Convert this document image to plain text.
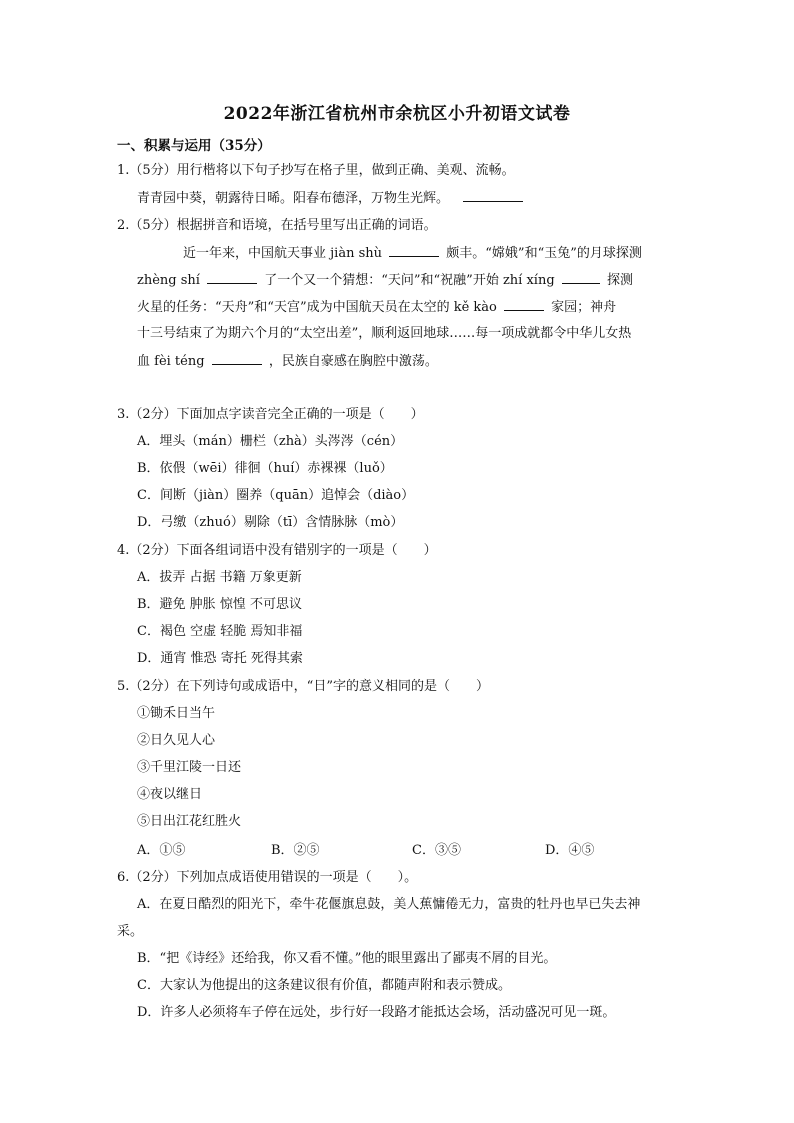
2022年浙江省杭州市余杭区小升初语文试卷
一、积累与运用（35分）
1.（5分）用行楷将以下句子抄写在格子里，做到正确、美观、流畅。
青青园中葵，朝露待日晞。阳春布德泽，万物生光辉。
2.（5分）根据拼音和语境，在括号里写出正确的词语。
近一年来，中国航天事业 jiàn shù	颇丰。“嫦娥”和“玉兔”的月球探测
zhèng shí	了一个又一个猜想：“天问”和“祝融”开始 zhí xíng	探测
火星的任务：“天舟”和“天宫”成为中国航天员在太空的 kě kào	家园；神舟
十三号结束了为期六个月的“太空出差”，顺利返回地球……每一项成就都令中华儿女热
血 fèi téng	，民族自豪感在胸腔中激荡。
3.（2分）下面加点字读音完全正确的一项是（　　）
A．埋头（mán）栅栏（zhà）头涔涔（cén）
B．依偎（wēi）徘徊（huí）赤裸裸（luǒ）
C．间断（jiàn）圈养（quān）追悼会（diào）
D．弓缴（zhuó）剔除（tī）含情脉脉（mò）
4.（2分）下面各组词语中没有错别字的一项是（　　）
A．拔弄 占据 书籍 万象更新
B．避免 肿胀 惊惶 不可思议
C．褐色 空虚 轻脆 焉知非福
D．通宵 惟恐 寄托 死得其索
5.（2分）在下列诗句或成语中，“日”字的意义相同的是（　　）
①锄禾日当午
②日久见人心
③千里江陵一日还
④夜以继日
⑤日出江花红胜火
A．①⑤	B．②⑤	C．③⑤	D．④⑤
6.（2分）下列加点成语使用错误的一项是（　　）。
A．在夏日酷烈的阳光下，牵牛花偃旗息鼓，美人蕉慵倦无力，富贵的牡丹也早已失去神
采。
B．“把《诗经》还给我，你又看不懂。”他的眼里露出了鄙夷不屑的目光。
C．大家认为他提出的这条建议很有价值，都随声附和表示赞成。
D．许多人必须将车子停在远处，步行好一段路才能抵达会场，活动盛况可见一斑。
